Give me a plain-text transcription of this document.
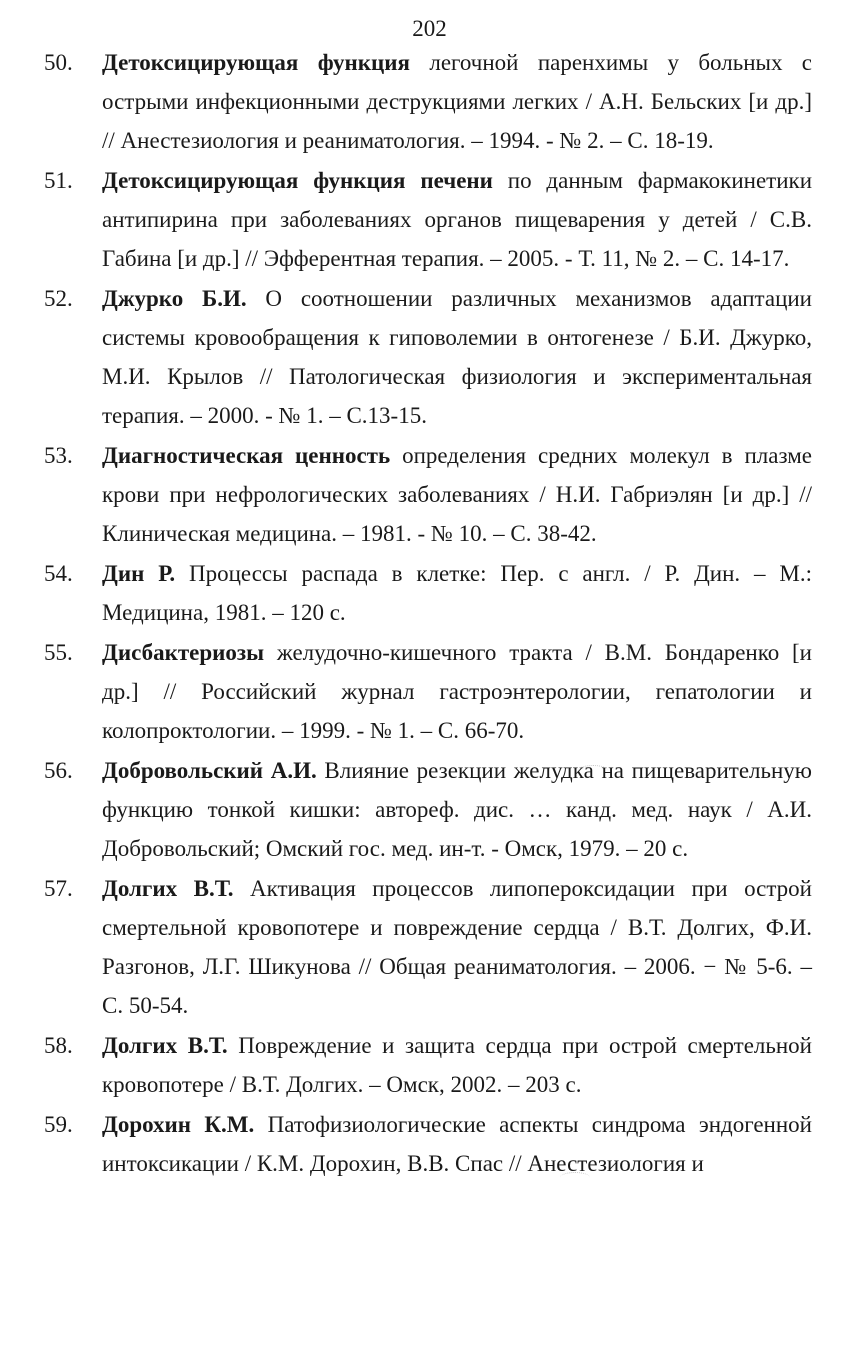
202
50. Детоксицирующая функция легочной паренхимы у больных с острыми инфекционными деструкциями легких / А.Н. Бельских [и др.] // Анестезиология и реаниматология. – 1994. - № 2. – С. 18-19.
51. Детоксицирующая функция печени по данным фармакокинетики антипирина при заболеваниях органов пищеварения у детей / С.В. Габина [и др.] // Эфферентная терапия. – 2005. - Т. 11, № 2. – С. 14-17.
52. Джурко Б.И. О соотношении различных механизмов адаптации системы кровообращения к гиповолемии в онтогенезе / Б.И. Джурко, М.И. Крылов // Патологическая физиология и экспериментальная терапия. – 2000. - № 1. – С.13-15.
53. Диагностическая ценность определения средних молекул в плазме крови при нефрологических заболеваниях / Н.И. Габриэлян [и др.] // Клиническая медицина. – 1981. - № 10. – С. 38-42.
54. Дин Р. Процессы распада в клетке: Пер. с англ. / Р. Дин. – М.: Медицина, 1981. – 120 с.
55. Дисбактериозы желудочно-кишечного тракта / В.М. Бондаренко [и др.] // Российский журнал гастроэнтерологии, гепатологии и колопроктологии. – 1999. - № 1. – С. 66-70.
56. Добровольский А.И. Влияние резекции желудка на пищеварительную функцию тонкой кишки: автореф. дис. … канд. мед. наук / А.И. Добровольский; Омский гос. мед. ин-т. - Омск, 1979. – 20 с.
57. Долгих В.Т. Активация процессов липопероксидации при острой смертельной кровопотере и повреждение сердца / В.Т. Долгих, Ф.И. Разгонов, Л.Г. Шикунова // Общая реаниматология. – 2006. − № 5-6. – С. 50-54.
58. Долгих В.Т. Повреждение и защита сердца при острой смертельной кровопотере / В.Т. Долгих. – Омск, 2002. – 203 с.
59. Дорохин К.М. Патофизиологические аспекты синдрома эндогенной интоксикации / К.М. Дорохин, В.В. Спас // Анестезиология и
